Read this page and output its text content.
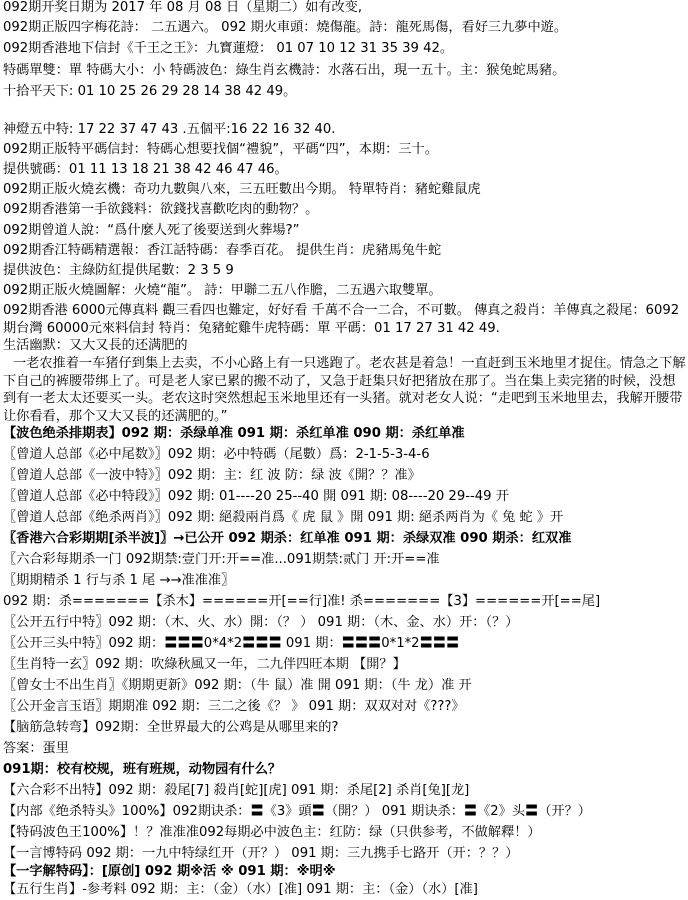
092期开奖日期为 2017 年 08 月 08 日（星期二）如有改变,
092期正版四字梅花詩： 二五遇六。 092 期火車頭：燒傷龍。詩：龍死馬傷，看好三九夢中遊。
092期香港地下信封《千王之王》：九寶蓮燈： 01 07 10 12 31 35 39 42。
特碼單雙：單 特碼大小：小 特碼波色：綠生肖玄機詩：水落石出，現一五十。主：猴兔蛇馬豬。
十拾平天下: 01 10 25 26 29 28 14 38 42 49。
神燈五中特: 17 22 37 47 43 .五個平:16 22 16 32 40.
092期正版特平碼信封：特碼心想要找個“禮貌”，平碼“四”，本期：三十。
提供號碼：01 11 13 18 21 38 42 46 47 46。
092期正版火燒玄機：奇功九數與八來，三五旺數出今期。 特單特肖：豬蛇雞鼠虎
092期香港第一手欲錢料：欲錢找喜歡吃肉的動物？。
092期曾道人說：“爲什麼人死了後要送到火葬場?”
092期香江特碼精選報：香江話特碼：春季百花。 提供生肖：虎豬馬兔牛蛇
提供波色：主綠防紅提供尾數：2 3 5 9
092期正版火燒圖解：火燒“龍”。 詩：甲聯二五八作膽，二五遇六取雙單。
092期香港 6000元傳真料 觀三看四也難定，好好看 千萬不合一二合，不可數。 傳真之殺肖：羊傳真之殺尾：6092期台灣 60000元來料信封 特肖：兔豬蛇雞牛虎特碼：單 平碼：01 17 27 31 42 49.
生活幽默：又大又長的还满肥的
一老农推着一车猪仔到集上去卖，不小心路上有一只逃跑了。老农甚是着急！一直赶到玉米地里才捉住。情急之下解下自己的裤腰带绑上了。可是老人家已累的搬不动了，又急于赶集只好把猪放在那了。当在集上卖完猪的时候，没想到有一老太太还要买一头。老农这时突然想起玉米地里还有一头猪。就对老女人说：“走吧到玉米地里去，我解开腰带让你看看，那个又大又長的还满肥的。”
【波色绝杀排期表】092 期：杀绿单准 091 期：杀红单准 090 期：杀红单准
〖曾道人总部《必中尾数》〗092 期：必中特碼（尾數）爲：2-1-5-3-4-6
〖曾道人总部《一波中特》〗092 期：主：红 波 防：绿 波《開？？准》
〖曾道人总部《必中特段》〗092 期: 01----20 25--40 開 091 期: 08----20 29--49 开
〖曾道人总部《绝杀两肖》〗092 期: 絕殺兩肖爲《 虎 鼠 》開 091 期: 絕杀两肖为《 兔 蛇 》开
〖香港六合彩期期[杀半波]〗→已公开 092 期杀：红单准 091 期：杀绿双准 090 期杀：红双准
〖六合彩每期杀一门 092期禁:壹门开:开==准...091期禁:贰门 开:开==准
〖期期精杀 1 行与杀 1 尾 →→准准准〗
092 期：杀=======【杀木】======开[==行]准! 杀=======【3】======开[==尾]
〖公开五行中特〗092 期：（木、火、水）開：（？ ） 091 期：（木、金、水）开：（？）
〖公开三头中特〗092 期：〓〓〓0*4*2〓〓〓 091 期：〓〓〓0*1*2〓〓〓
〖生肖特一玄〗092 期：吹綠秋風又一年，二九伴四旺本期 【開？】
〖曾女士不出生肖〗《期期更新》092 期：（牛 鼠）准 開 091 期：（牛 龙）准 开
〖公开金言玉语〗期期准 092 期：三二之後《？ 》 091 期：双双对对《???》
【脑筋急转弯】092期：全世界最大的公鸡是从哪里来的?
答案：蛋里
091期：校有校规，班有班规，动物园有什么？
【六合彩不出特】092 期：殺尾[7] 殺肖[蛇][虎] 091 期：杀尾[2] 杀肖[兔][龙]
【内部《绝杀特头》100%】092期诀杀：〓《3》頭〓（開？） 091 期诀杀：〓《2》头〓（开？）
【特码波色王100%】！？准准准092每期必中波色主：红防：绿（只供参考，不做解釋！）
【一言博特码 092 期：一九中特绿红开（开？） 091 期：三九携手七路开（开：？？）
【一字解特码】：[原创] 092 期※活 ※ 091 期：※明※
【五行生肖】-参考料 092 期：主：（金）（水）[准] 091 期：主：（金）（水）[准]
